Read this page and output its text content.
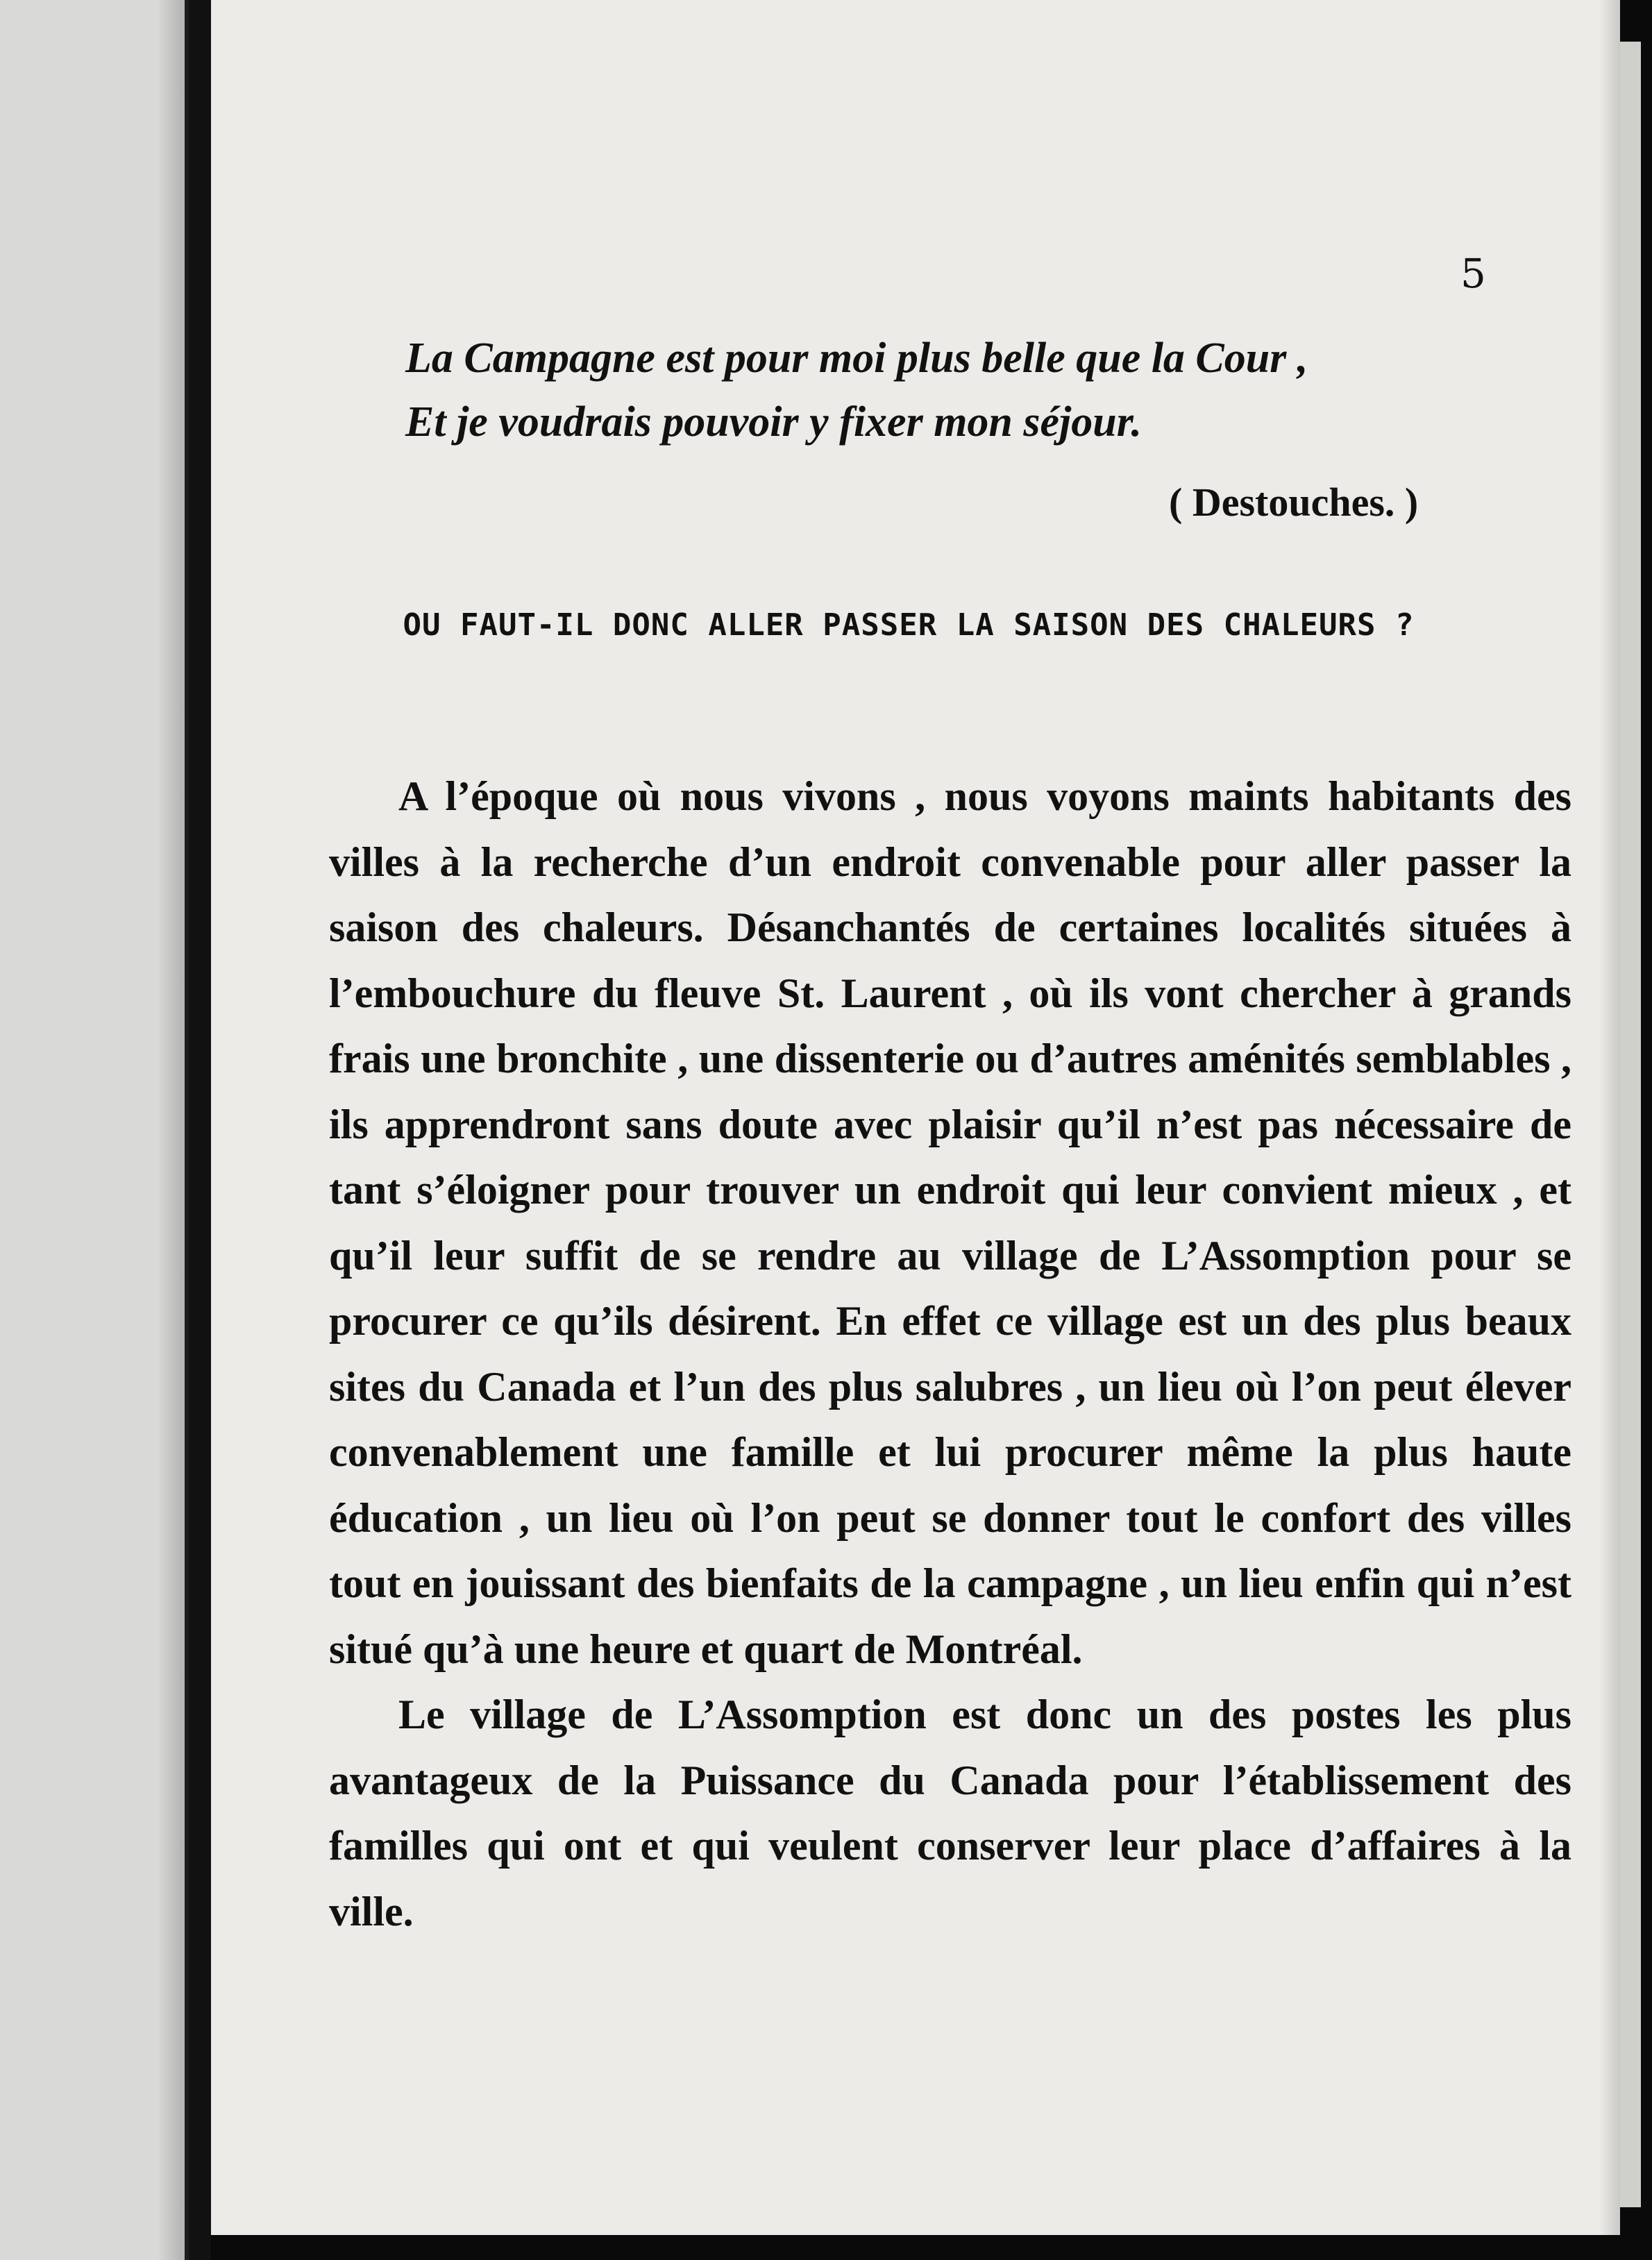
5
La Campagne est pour moi plus belle que la Cour ,
Et je voudrais pouvoir y fixer mon séjour.
( Destouches. )
OU FAUT-IL DONC ALLER PASSER LA SAISON DES CHALEURS ?

A l’époque où nous vivons , nous voyons maints habitants des villes à la recherche d’un endroit convenable pour aller passer la saison des chaleurs. Désanchantés de certaines localités situées à l’embouchure du fleuve St. Laurent , où ils vont chercher à grands frais une bronchite , une dissenterie ou d’autres aménités semblables , ils apprendront sans doute avec plaisir qu’il n’est pas nécessaire de tant s’éloigner pour trouver un endroit qui leur convient mieux , et qu’il leur suffit de se rendre au village de L’Assomption pour se procurer ce qu’ils désirent. En effet ce village est un des plus beaux sites du Canada et l’un des plus salubres , un lieu où l’on peut élever convenablement une famille et lui procurer même la plus haute éducation , un lieu où l’on peut se donner tout le confort des villes tout en jouissant des bienfaits de la campagne , un lieu enfin qui n’est situé qu’à une heure et quart de Montréal.

Le village de L’Assomption est donc un des postes les plus avantageux de la Puissance du Canada pour l’établissement des familles qui ont et qui veulent conserver leur place d’affaires à la ville.
